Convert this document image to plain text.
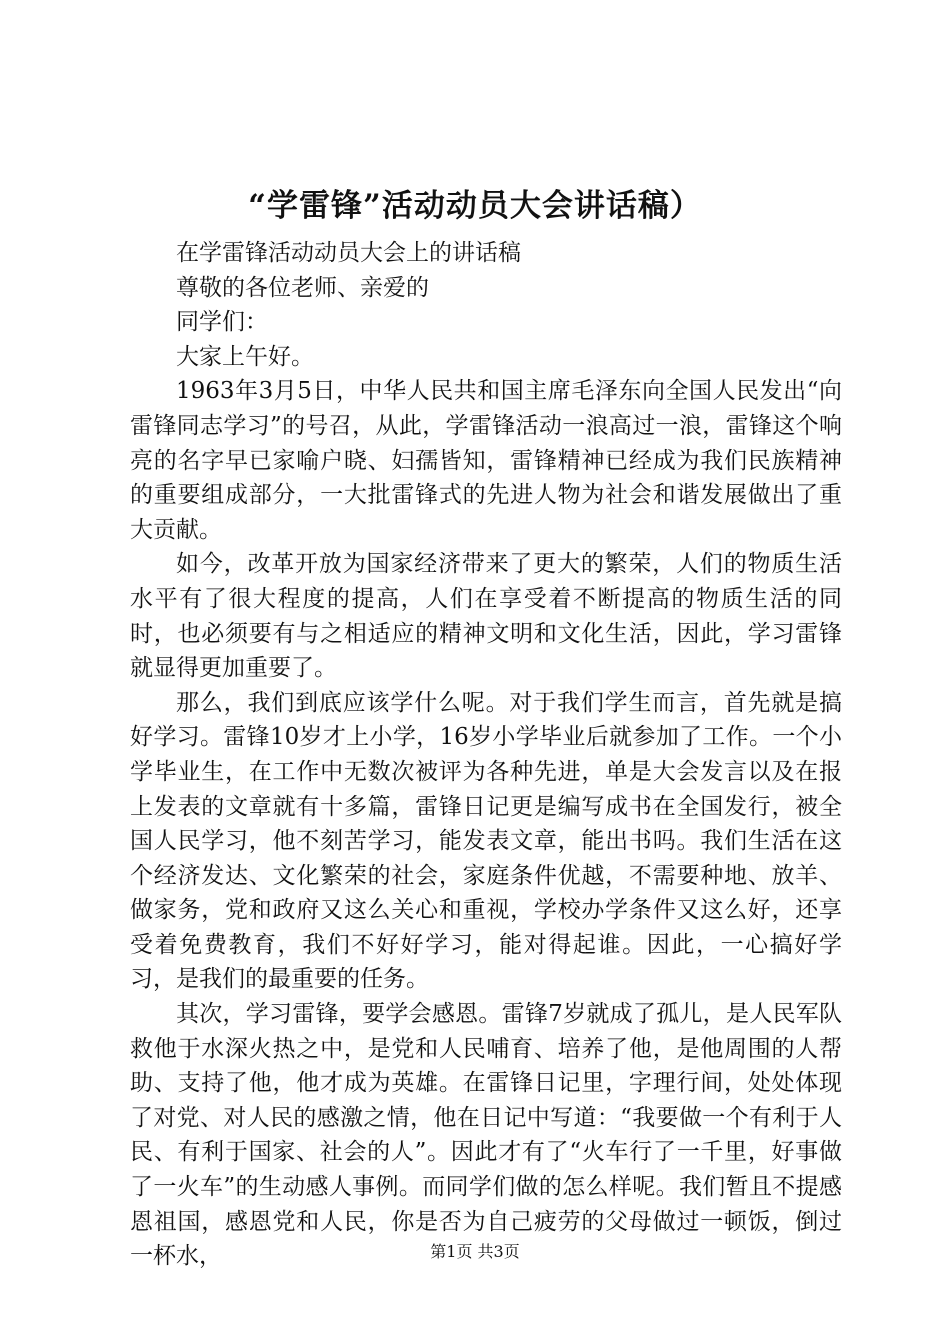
“学雷锋”活动动员大会讲话稿）

在学雷锋活动动员大会上的讲话稿

尊敬的各位老师、亲爱的

同学们：

大家上午好。

1963年3月5日，中华人民共和国主席毛泽东向全国人民发出“向雷锋同志学习”的号召，从此，学雷锋活动一浪高过一浪，雷锋这个响亮的名字早已家喻户晓、妇孺皆知，雷锋精神已经成为我们民族精神的重要组成部分，一大批雷锋式的先进人物为社会和谐发展做出了重大贡献。

如今，改革开放为国家经济带来了更大的繁荣，人们的物质生活水平有了很大程度的提高，人们在享受着不断提高的物质生活的同时，也必须要有与之相适应的精神文明和文化生活，因此，学习雷锋就显得更加重要了。

那么，我们到底应该学什么呢。对于我们学生而言，首先就是搞好学习。雷锋10岁才上小学，16岁小学毕业后就参加了工作。一个小学毕业生，在工作中无数次被评为各种先进，单是大会发言以及在报上发表的文章就有十多篇，雷锋日记更是编写成书在全国发行，被全国人民学习，他不刻苦学习，能发表文章，能出书吗。我们生活在这个经济发达、文化繁荣的社会，家庭条件优越，不需要种地、放羊、做家务，党和政府又这么关心和重视，学校办学条件又这么好，还享受着免费教育，我们不好好学习，能对得起谁。因此，一心搞好学习，是我们的最重要的任务。

其次，学习雷锋，要学会感恩。雷锋7岁就成了孤儿，是人民军队救他于水深火热之中，是党和人民哺育、培养了他，是他周围的人帮助、支持了他，他才成为英雄。在雷锋日记里，字理行间，处处体现了对党、对人民的感激之情，他在日记中写道：“我要做一个有利于人民、有利于国家、社会的人”。因此才有了“火车行了一千里，好事做了一火车”的生动感人事例。而同学们做的怎么样呢。我们暂且不提感恩祖国，感恩党和人民，你是否为自己疲劳的父母做过一顿饭，倒过一杯水，	第1页 共3页
